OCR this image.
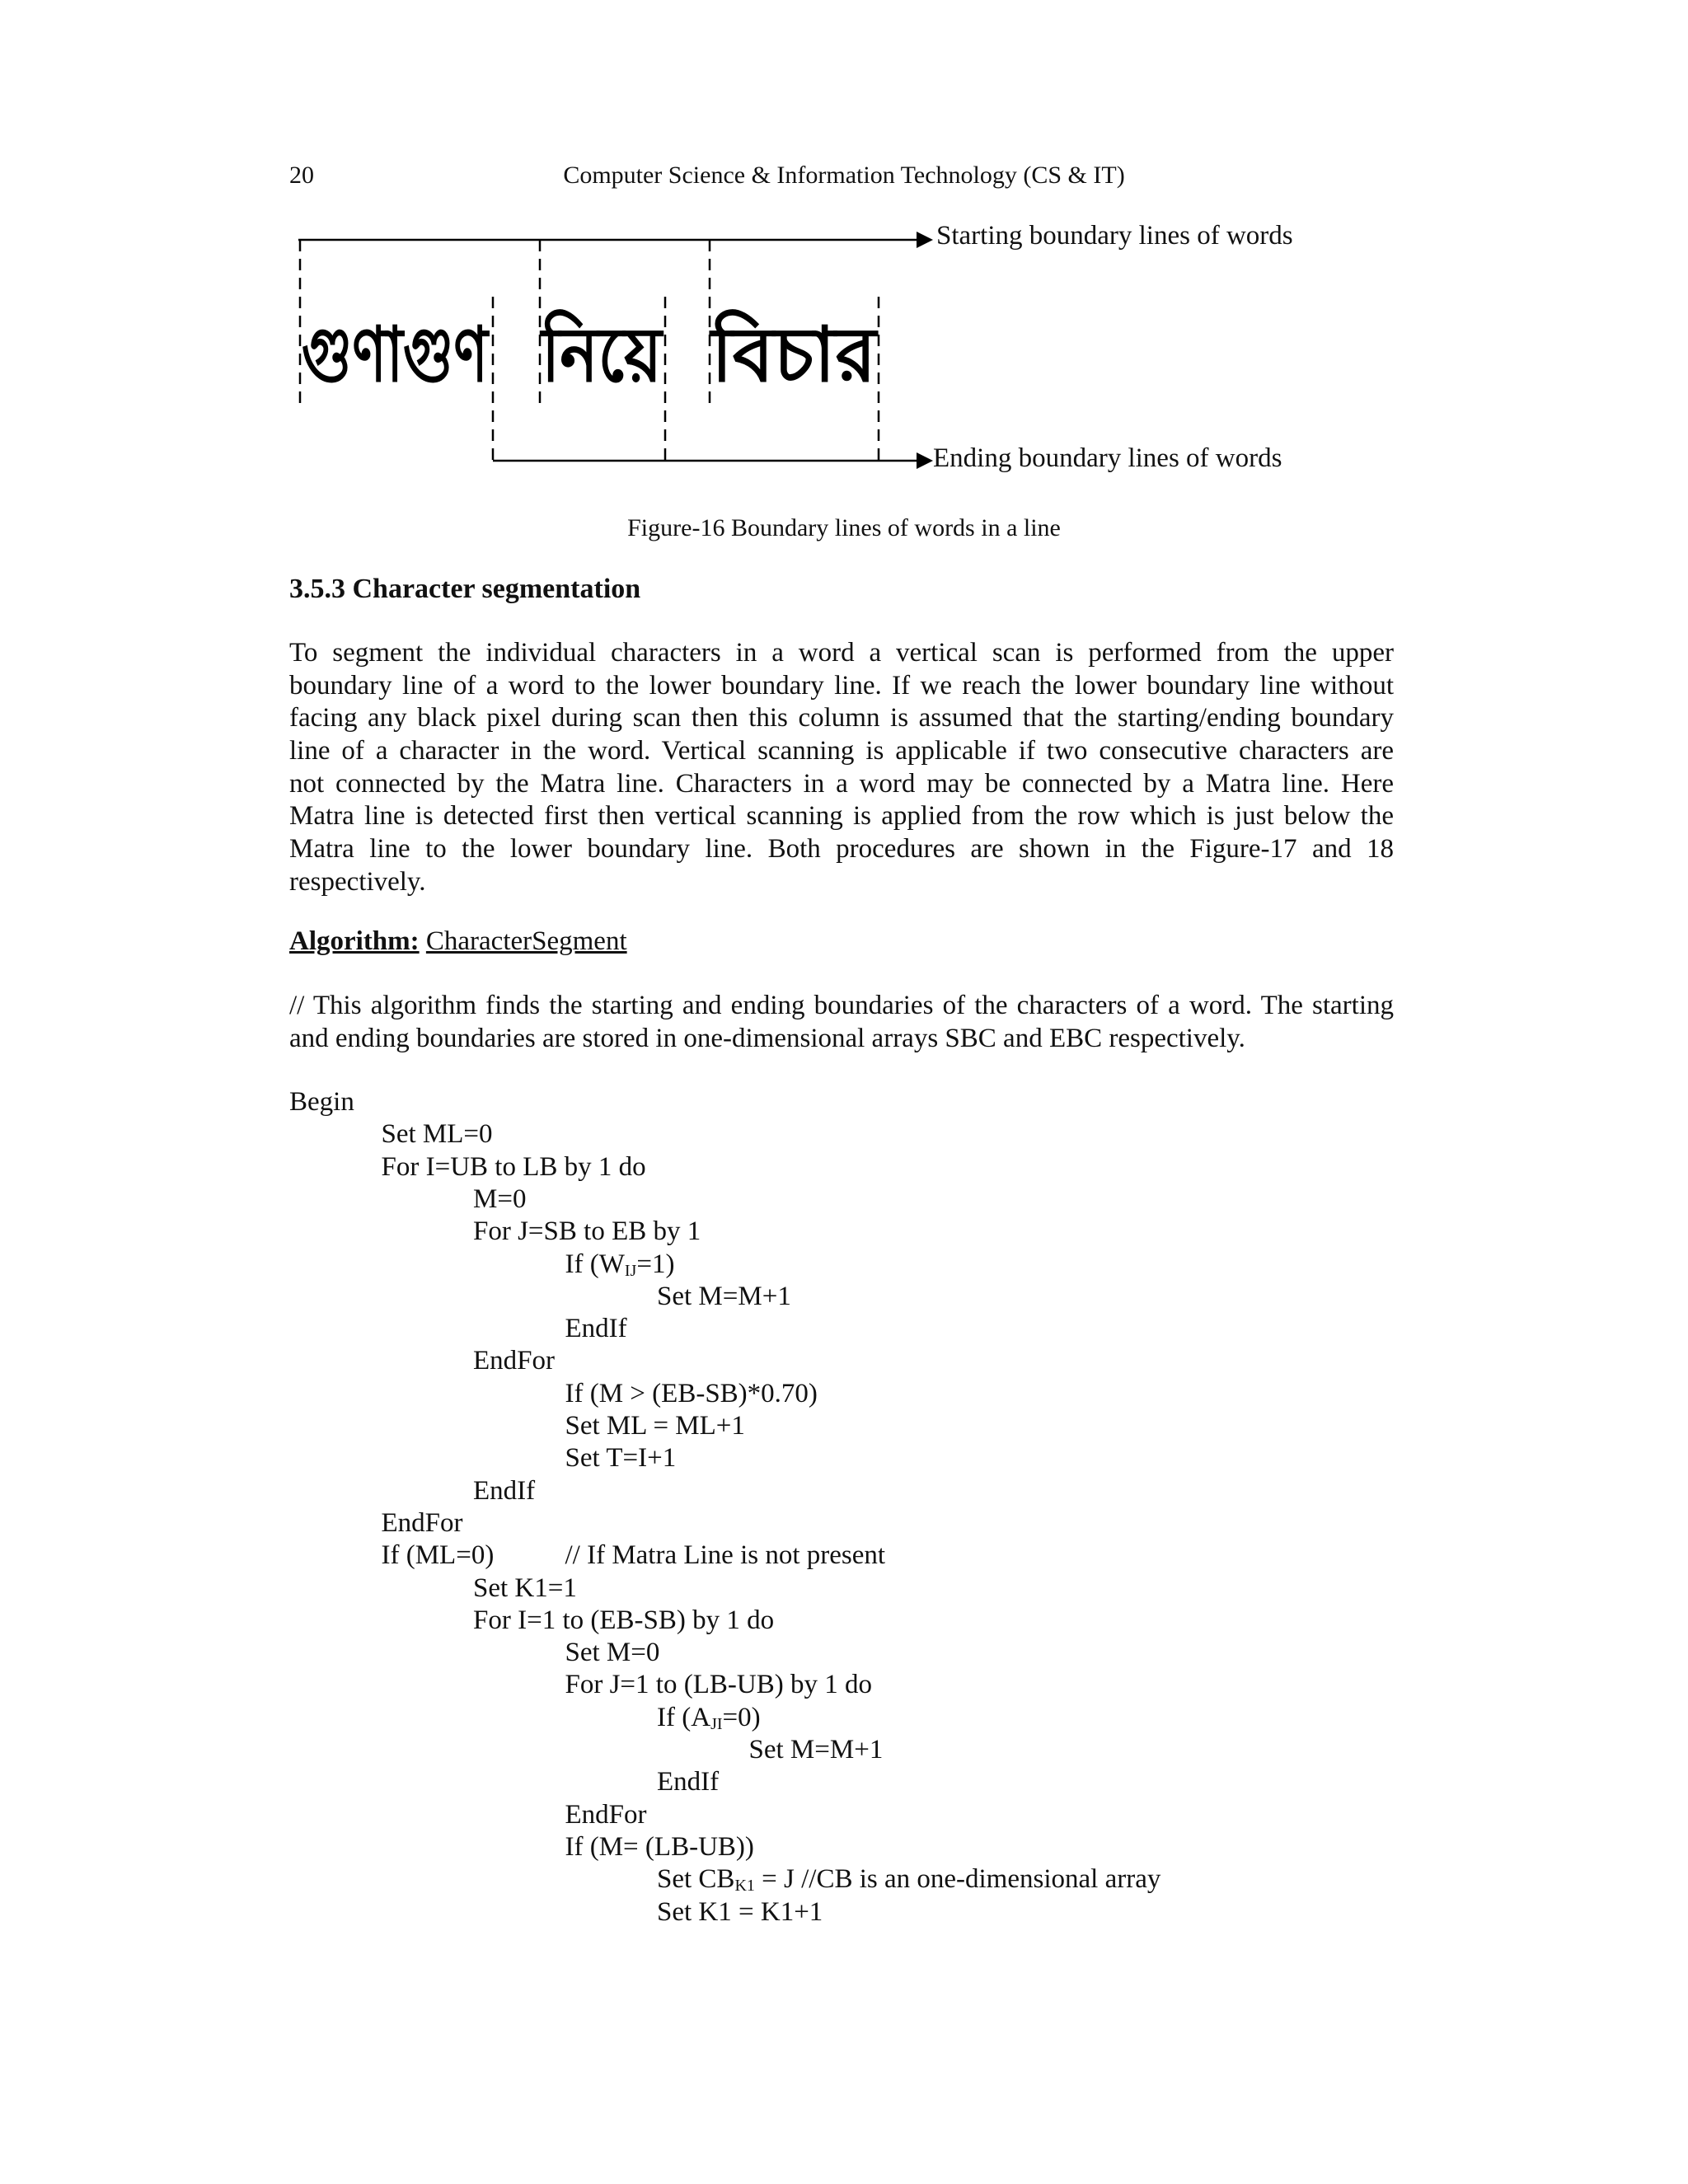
20	Computer Science & Information Technology (CS & IT)
গুণাগুণ নিয়ে বিচার
Starting boundary lines of words
Ending boundary lines of words
Figure-16 Boundary lines of words in a line
3.5.3 Character segmentation
To segment the individual characters in a word a vertical scan is performed from the upper
boundary line of a word to the lower boundary line. If we reach the lower boundary line without
facing any black pixel during scan then this column is assumed that the starting/ending boundary
line of a character in the word. Vertical scanning is applicable if two consecutive characters are
not connected by the Matra line. Characters in a word may be connected by a Matra line. Here
Matra line is detected first then vertical scanning is applied from the row which is just below the
Matra line to the lower boundary line. Both procedures are shown in the Figure-17 and 18
respectively.
Algorithm: CharacterSegment
// This algorithm finds the starting and ending boundaries of the characters of a word. The starting
and ending boundaries are stored in one-dimensional arrays SBC and EBC respectively.
Begin
Set ML=0
For I=UB to LB by 1 do
M=0
For J=SB to EB by 1
If $(W_{IJ}=1)$
Set M=M+1
EndIf
EndFor
If (M > (EB-SB)*0.70)
Set ML = ML+1
Set T=I+1
EndIf
EndFor
If (ML=0)	// If Matra Line is not present
Set K1=1
For I=1 to (EB-SB) by 1 do
Set M=0
For J=1 to (LB-UB) by 1 do
If $(A_{JI}=0)$
Set M=M+1
EndIf
EndFor
If (M= (LB-UB))
Set $CB_{K1} = J$ //CB is an one-dimensional array
Set K1 = K1+1
